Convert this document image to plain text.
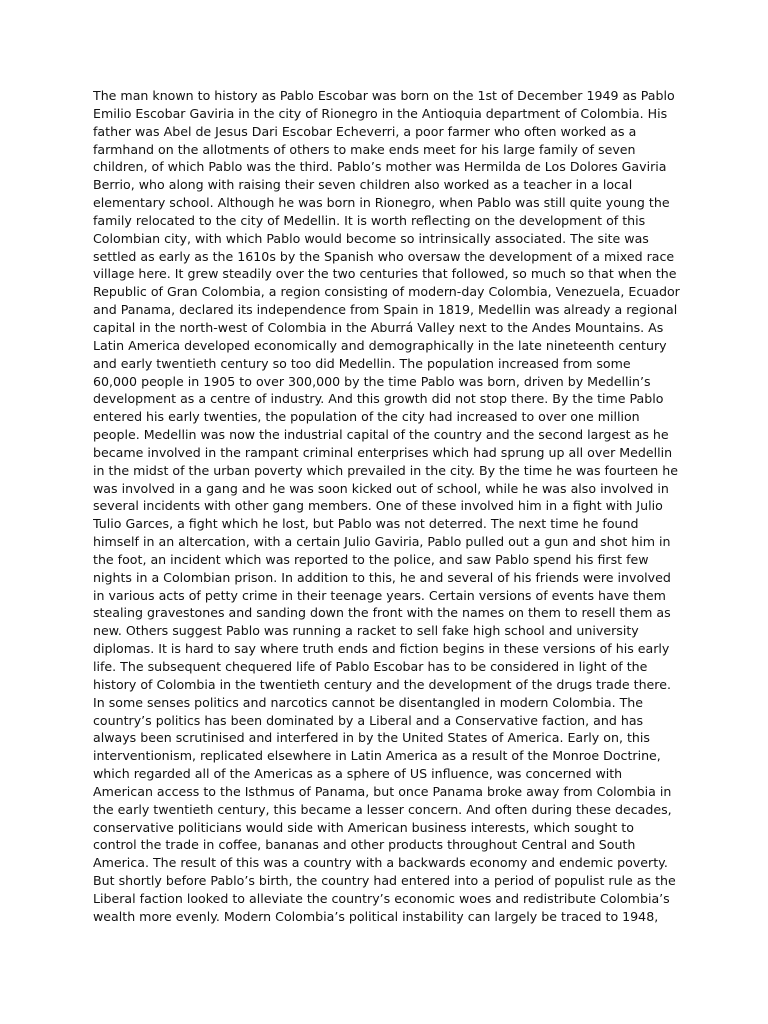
The man known to history as Pablo Escobar was born on the 1st of December 1949 as Pablo
Emilio Escobar Gaviria in the city of Rionegro in the Antioquia department of Colombia. His
father was Abel de Jesus Dari Escobar Echeverri, a poor farmer who often worked as a
farmhand on the allotments of others to make ends meet for his large family of seven
children, of which Pablo was the third. Pablo’s mother was Hermilda de Los Dolores Gaviria
Berrio, who along with raising their seven children also worked as a teacher in a local
elementary school. Although he was born in Rionegro, when Pablo was still quite young the
family relocated to the city of Medellin. It is worth reflecting on the development of this
Colombian city, with which Pablo would become so intrinsically associated. The site was
settled as early as the 1610s by the Spanish who oversaw the development of a mixed race
village here. It grew steadily over the two centuries that followed, so much so that when the
Republic of Gran Colombia, a region consisting of modern-day Colombia, Venezuela, Ecuador
and Panama, declared its independence from Spain in 1819, Medellin was already a regional
capital in the north-west of Colombia in the Aburrá Valley next to the Andes Mountains. As
Latin America developed economically and demographically in the late nineteenth century
and early twentieth century so too did Medellin. The population increased from some
60,000 people in 1905 to over 300,000 by the time Pablo was born, driven by Medellin’s
development as a centre of industry. And this growth did not stop there. By the time Pablo
entered his early twenties, the population of the city had increased to over one million
people. Medellin was now the industrial capital of the country and the second largest as he
became involved in the rampant criminal enterprises which had sprung up all over Medellin
in the midst of the urban poverty which prevailed in the city. By the time he was fourteen he
was involved in a gang and he was soon kicked out of school, while he was also involved in
several incidents with other gang members. One of these involved him in a fight with Julio
Tulio Garces, a fight which he lost, but Pablo was not deterred. The next time he found
himself in an altercation, with a certain Julio Gaviria, Pablo pulled out a gun and shot him in
the foot, an incident which was reported to the police, and saw Pablo spend his first few
nights in a Colombian prison. In addition to this, he and several of his friends were involved
in various acts of petty crime in their teenage years. Certain versions of events have them
stealing gravestones and sanding down the front with the names on them to resell them as
new. Others suggest Pablo was running a racket to sell fake high school and university
diplomas. It is hard to say where truth ends and fiction begins in these versions of his early
life. The subsequent chequered life of Pablo Escobar has to be considered in light of the
history of Colombia in the twentieth century and the development of the drugs trade there.
In some senses politics and narcotics cannot be disentangled in modern Colombia. The
country’s politics has been dominated by a Liberal and a Conservative faction, and has
always been scrutinised and interfered in by the United States of America. Early on, this
interventionism, replicated elsewhere in Latin America as a result of the Monroe Doctrine,
which regarded all of the Americas as a sphere of US influence, was concerned with
American access to the Isthmus of Panama, but once Panama broke away from Colombia in
the early twentieth century, this became a lesser concern. And often during these decades,
conservative politicians would side with American business interests, which sought to
control the trade in coffee, bananas and other products throughout Central and South
America. The result of this was a country with a backwards economy and endemic poverty.
But shortly before Pablo’s birth, the country had entered into a period of populist rule as the
Liberal faction looked to alleviate the country’s economic woes and redistribute Colombia’s
wealth more evenly. Modern Colombia’s political instability can largely be traced to 1948,
